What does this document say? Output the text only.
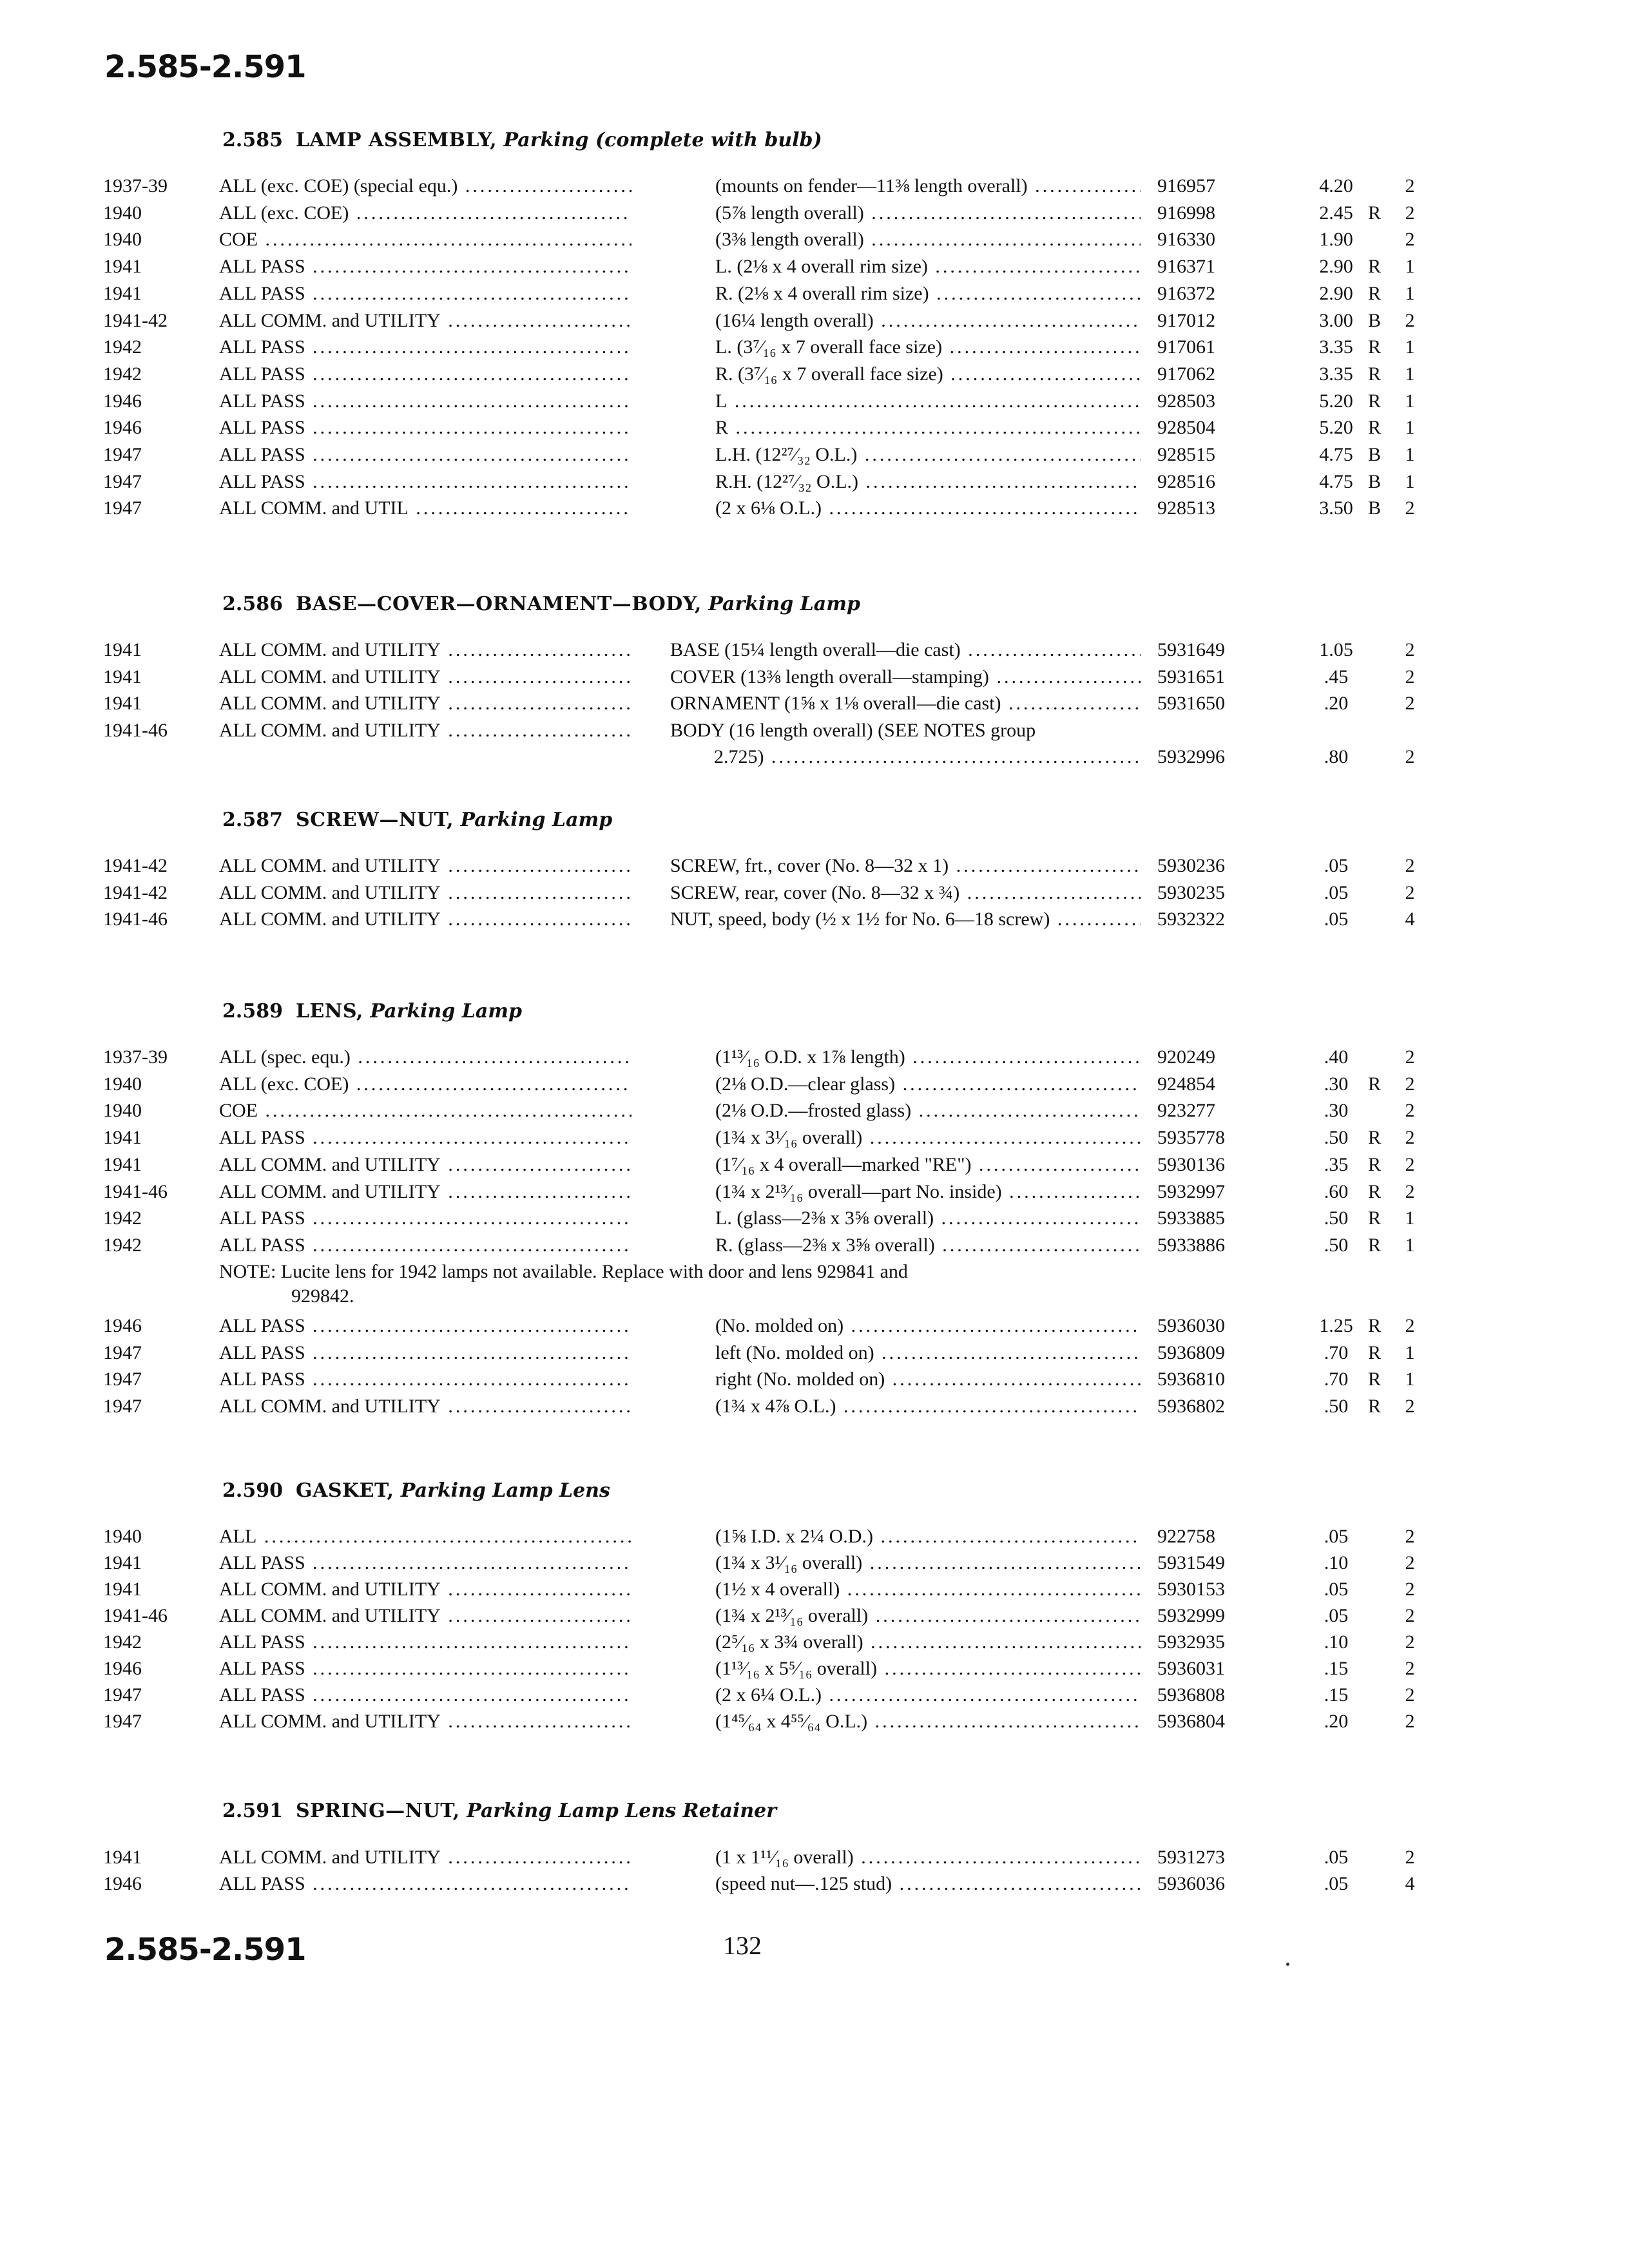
2.585-2.591
2.585 LAMP ASSEMBLY, Parking (complete with bulb)
1937-39	ALL (exc. COE) (special equ.) .....	(mounts on fender—11⅜ length overall) .....	916957	4.20	2
1940	ALL (exc. COE) .....	(5⅞ length overall) .....	916998	2.45 R	2
1940	COE .....	(3⅜ length overall) .....	916330	1.90	2
1941	ALL PASS .....	L. (2⅛ x 4 overall rim size) .....	916371	2.90 R	1
1941	ALL PASS .....	R. (2⅛ x 4 overall rim size) .....	916372	2.90 R	1
1941-42	ALL COMM. and UTILITY .....	(16¼ length overall) .....	917012	3.00 B	2
1942	ALL PASS .....	L. (3⁷⁄₁₆ x 7 overall face size) .....	917061	3.35 R	1
1942	ALL PASS .....	R. (3⁷⁄₁₆ x 7 overall face size) .....	917062	3.35 R	1
1946	ALL PASS .....	L .....	928503	5.20 R	1
1946	ALL PASS .....	R .....	928504	5.20 R	1
1947	ALL PASS .....	L.H. (12²⁷⁄₃₂ O.L.) .....	928515	4.75 B	1
1947	ALL PASS .....	R.H. (12²⁷⁄₃₂ O.L.) .....	928516	4.75 B	1
1947	ALL COMM. and UTIL .....	(2 x 6⅛ O.L.) .....	928513	3.50 B	2
2.586 BASE—COVER—ORNAMENT—BODY, Parking Lamp
1941	ALL COMM. and UTILITY .....	BASE (15¼ length overall—die cast) .....	5931649	1.05	2
1941	ALL COMM. and UTILITY .....	COVER (13⅜ length overall—stamping) .....	5931651	.45	2
1941	ALL COMM. and UTILITY .....	ORNAMENT (1⅝ x 1⅛ overall—die cast) .....	5931650	.20	2
1941-46	ALL COMM. and UTILITY .....	BODY (16 length overall) (SEE NOTES group
2.725) .....	5932996	.80	2
2.587 SCREW—NUT, Parking Lamp
1941-42	ALL COMM. and UTILITY .....	SCREW, frt., cover (No. 8—32 x 1) .....	5930236	.05	2
1941-42	ALL COMM. and UTILITY .....	SCREW, rear, cover (No. 8—32 x ¾) .....	5930235	.05	2
1941-46	ALL COMM. and UTILITY .....	NUT, speed, body (½ x 1½ for No. 6—18 screw) .....	5932322	.05	4
2.589 LENS, Parking Lamp
1937-39	ALL (spec. equ.) .....	(1¹³⁄₁₆ O.D. x 1⅞ length) .....	920249	.40	2
1940	ALL (exc. COE) .....	(2⅛ O.D.—clear glass) .....	924854	.30	R	2
1940	COE .....	(2⅛ O.D.—frosted glass) .....	923277	.30	2
1941	ALL PASS .....	(1¾ x 3¹⁄₁₆ overall) .....	5935778	.50	R	2
1941	ALL COMM. and UTILITY .....	(1⁷⁄₁₆ x 4 overall—marked "RE") .....	5930136	.35	R	2
1941-46	ALL COMM. and UTILITY .....	(1¾ x 2¹³⁄₁₆ overall—part No. inside) .....	5932997	.60	R	2
1942	ALL PASS .....	L. (glass—2⅜ x 3⅝ overall) .....	5933885	.50	R	1
1942	ALL PASS .....	R. (glass—2⅜ x 3⅝ overall) .....	5933886	.50	R	1
NOTE: Lucite lens for 1942 lamps not available. Replace with door and lens 929841 and
929842.
1946	ALL PASS .....	(No. molded on) .....	5936030	1.25 R	2
1947	ALL PASS .....	left (No. molded on) .....	5936809	.70	R	1
1947	ALL PASS .....	right (No. molded on) .....	5936810	.70	R	1
1947	ALL COMM. and UTILITY .....	(1¾ x 4⅞ O.L.) .....	5936802	.50	R	2
2.590 GASKET, Parking Lamp Lens
1940	ALL .....	(1⅝ I.D. x 2¼ O.D.) .....	922758	.05	2
1941	ALL PASS .....	(1¾ x 3¹⁄₁₆ overall) .....	5931549	.10	2
1941	ALL COMM. and UTILITY .....	(1½ x 4 overall) .....	5930153	.05	2
1941-46	ALL COMM. and UTILITY .....	(1¾ x 2¹³⁄₁₆ overall) .....	5932999	.05	2
1942	ALL PASS .....	(2⁵⁄₁₆ x 3¾ overall) .....	5932935	.10	2
1946	ALL PASS .....	(1¹³⁄₁₆ x 5⁵⁄₁₆ overall) .....	5936031	.15	2
1947	ALL PASS .....	(2 x 6¼ O.L.) .....	5936808	.15	2
1947	ALL COMM. and UTILITY .....	(1⁴⁵⁄₆₄ x 4⁵⁵⁄₆₄ O.L.) .....	5936804	.20	2
2.591 SPRING—NUT, Parking Lamp Lens Retainer
1941	ALL COMM. and UTILITY .....	(1 x 1¹¹⁄₁₆ overall) .....	5931273	.05	2
1946	ALL PASS .....	(speed nut—.125 stud) .....	5936036	.05	4
2.585-2.591	132
